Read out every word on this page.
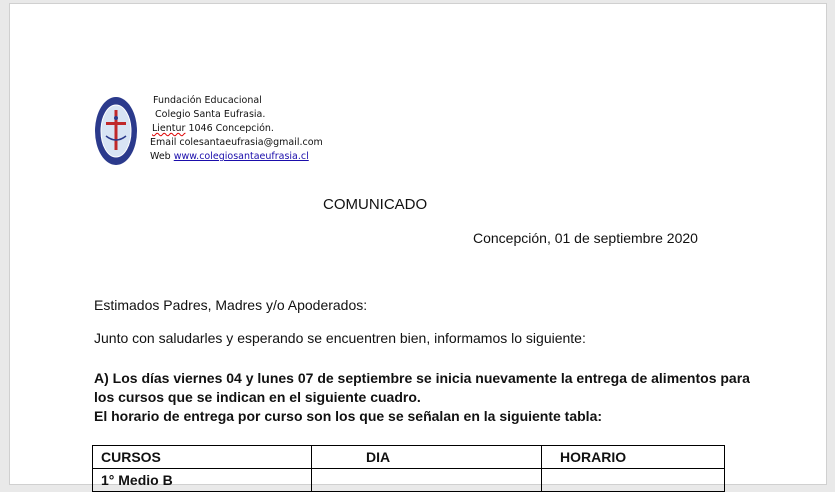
Fundación Educacional
Colegio Santa Eufrasia.
Lientur 1046 Concepción.
Email colesantaeufrasia@gmail.com
Web www.colegiosantaeufrasia.cl
COMUNICADO
Concepción, 01 de septiembre 2020
Estimados Padres, Madres y/o Apoderados:
Junto con saludarles y esperando se encuentren bien, informamos lo siguiente:
A) Los días viernes 04 y lunes 07 de septiembre se inicia nuevamente la entrega de alimentos para
los cursos que se indican en el siguiente cuadro.
El horario de entrega por curso son los que se señalan en la siguiente tabla:
CURSOS	DIA	HORARIO
1° Medio B		
